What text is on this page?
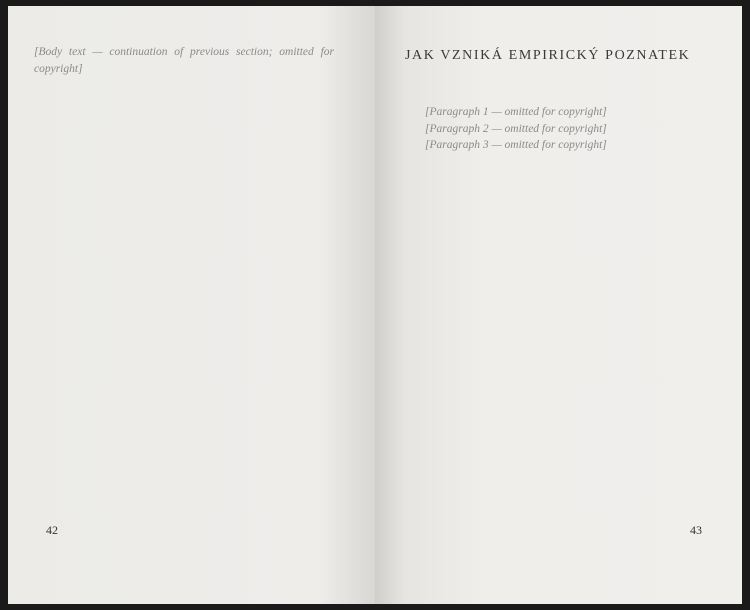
[Body text — continuation of previous section; omitted for copyright]

42
JAK VZNIKÁ EMPIRICKÝ POZNATEK

[Paragraph 1 — omitted for copyright]

[Paragraph 2 — omitted for copyright]

[Paragraph 3 — omitted for copyright]

43
